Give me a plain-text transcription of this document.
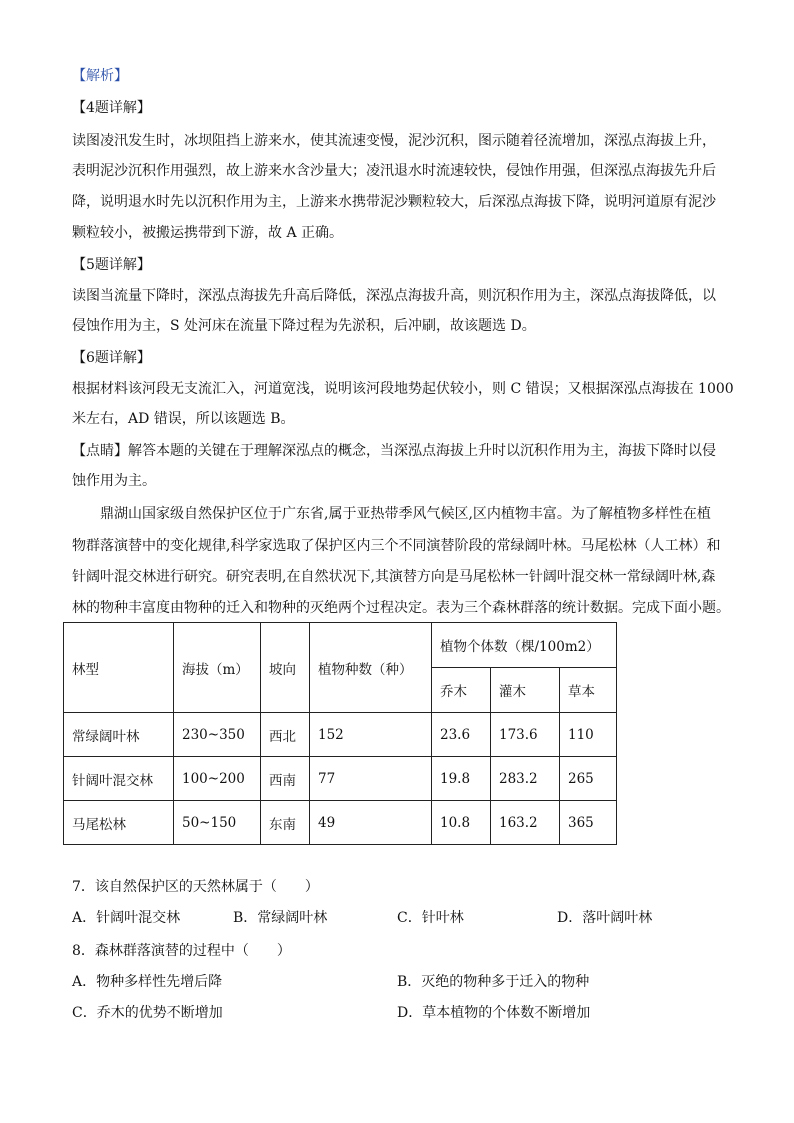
【解析】
【4题详解】
读图凌汛发生时，冰坝阻挡上游来水，使其流速变慢，泥沙沉积，图示随着径流增加，深泓点海拔上升，
表明泥沙沉积作用强烈，故上游来水含沙量大；凌汛退水时流速较快，侵蚀作用强，但深泓点海拔先升后
降，说明退水时先以沉积作用为主，上游来水携带泥沙颗粒较大，后深泓点海拔下降，说明河道原有泥沙
颗粒较小，被搬运携带到下游，故 A 正确。
【5题详解】
读图当流量下降时，深泓点海拔先升高后降低，深泓点海拔升高，则沉积作用为主，深泓点海拔降低，以
侵蚀作用为主，S 处河床在流量下降过程为先淤积，后冲刷，故该题选 D。
【6题详解】
根据材料该河段无支流汇入，河道宽浅，说明该河段地势起伏较小，则 C 错误；又根据深泓点海拔在 1000
米左右，AD 错误，所以该题选 B。
【点睛】解答本题的关键在于理解深泓点的概念，当深泓点海拔上升时以沉积作用为主，海拔下降时以侵
蚀作用为主。
鼎湖山国家级自然保护区位于广东省,属于亚热带季风气候区,区内植物丰富。为了解植物多样性在植
物群落演替中的变化规律,科学家选取了保护区内三个不同演替阶段的常绿阔叶林。马尾松林（人工林）和
针阔叶混交林进行研究。研究表明,在自然状况下,其演替方向是马尾松林一针阔叶混交林一常绿阔叶林,森
林的物种丰富度由物种的迁入和物种的灭绝两个过程决定。表为三个森林群落的统计数据。完成下面小题。
林型	海拔（m）	坡向	植物种数（种）	植物个体数（棵/100m2）		
				乔木	灌木	草本
常绿阔叶林	230~350	西北	152	23.6	173.6	110
针阔叶混交林	100~200	西南	77	19.8	283.2	265
马尾松林	50~150	东南	49	10.8	163.2	365
7．该自然保护区的天然林属于（　　）
A．针阔叶混交林	B．常绿阔叶林	C．针叶林	D．落叶阔叶林
8．森林群落演替的过程中（　　）
A．物种多样性先增后降	B．灭绝的物种多于迁入的物种
C．乔木的优势不断增加	D．草本植物的个体数不断增加
